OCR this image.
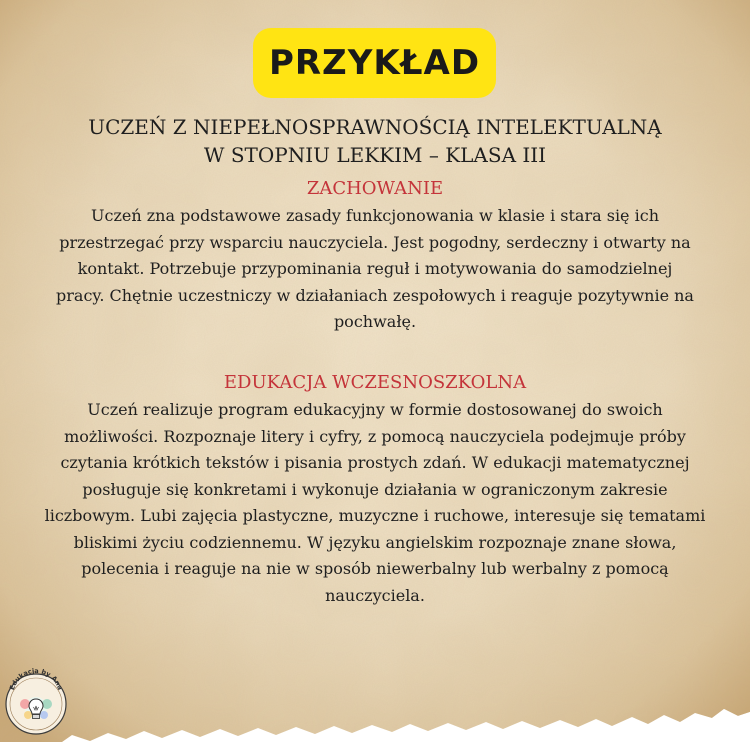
PRZYKŁAD

UCZEŃ Z NIEPEŁNOSPRAWNOŚCIĄ INTELEKTUALNĄ

W STOPNIU LEKKIM – KLASA III

ZACHOWANIE

Uczeń zna podstawowe zasady funkcjonowania w klasie i stara się ich
przestrzegać przy wsparciu nauczyciela. Jest pogodny, serdeczny i otwarty na
kontakt. Potrzebuje przypominania reguł i motywowania do samodzielnej
pracy. Chętnie uczestniczy w działaniach zespołowych i reaguje pozytywnie na
pochwałę.

EDUKACJA WCZESNOSZKOLNA

Uczeń realizuje program edukacyjny w formie dostosowanej do swoich
możliwości. Rozpoznaje litery i cyfry, z pomocą nauczyciela podejmuje próby
czytania krótkich tekstów i pisania prostych zdań. W edukacji matematycznej
posługuje się konkretami i wykonuje działania w ograniczonym zakresie
liczbowym. Lubi zajęcia plastyczne, muzyczne i ruchowe, interesuje się tematami
bliskimi życiu codziennemu. W języku angielskim rozpoznaje znane słowa,
polecenia i reaguje na nie w sposób niewerbalny lub werbalny z pomocą
nauczyciela.

Edukacja by Ana
